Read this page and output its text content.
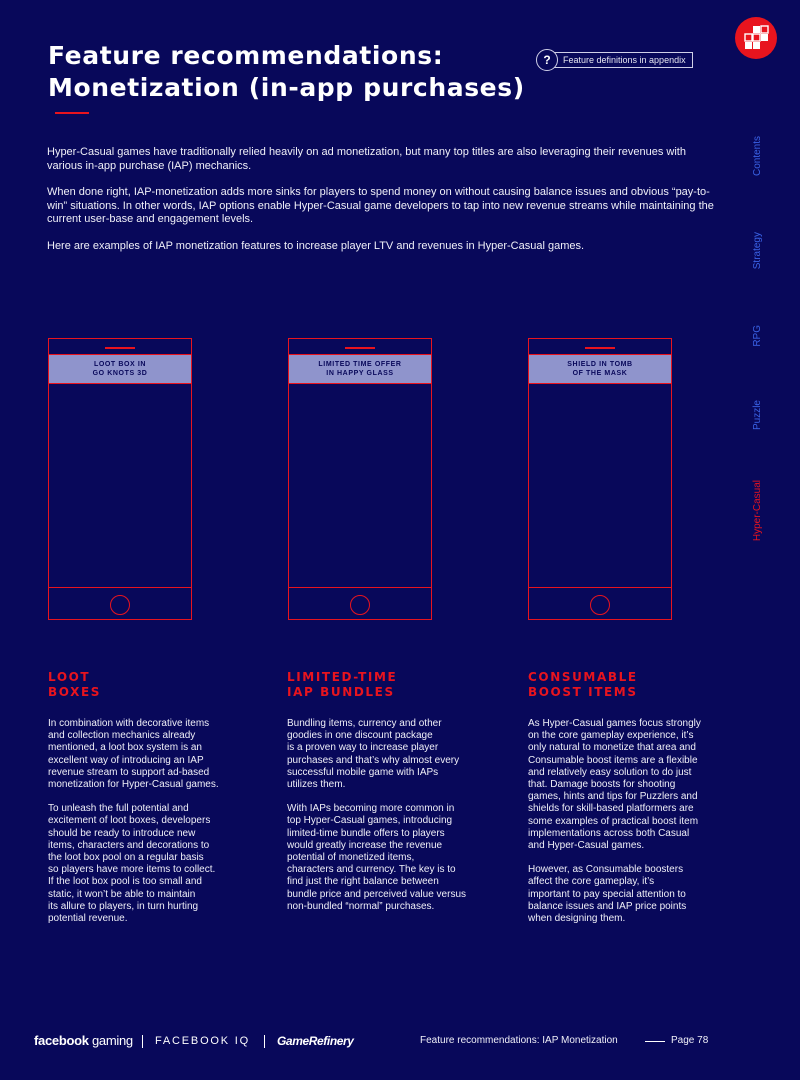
Feature recommendations:
Monetization (in-app purchases)
?	Feature definitions in appendix
Contents
Strategy
RPG
Puzzle
Hyper-Casual

Hyper-Casual games have traditionally relied heavily on ad monetization, but many top titles are also leveraging their revenues with various in-app purchase (IAP) mechanics.

When done right, IAP-monetization adds more sinks for players to spend money on without causing balance issues and obvious “pay-to-win” situations. In other words, IAP options enable Hyper-Casual game developers to tap into new revenue streams while maintaining the current user-base and engagement levels.

Here are examples of IAP monetization features to increase player LTV and revenues in Hyper-Casual games.

LOOT BOX IN
GO KNOTS 3D
LIMITED TIME OFFER
IN HAPPY GLASS
SHIELD IN TOMB
OF THE MASK
LOOT
BOXES
LIMITED-TIME
IAP BUNDLES
CONSUMABLE
BOOST ITEMS

In combination with decorative items
and collection mechanics already
mentioned, a loot box system is an
excellent way of introducing an IAP
revenue stream to support ad-based
monetization for Hyper-Casual games.

To unleash the full potential and
excitement of loot boxes, developers
should be ready to introduce new
items, characters and decorations to
the loot box pool on a regular basis
so players have more items to collect.
If the loot box pool is too small and
static, it won’t be able to maintain
its allure to players, in turn hurting
potential revenue.

Bundling items, currency and other
goodies in one discount package
is a proven way to increase player
purchases and that’s why almost every
successful mobile game with IAPs
utilizes them.

With IAPs becoming more common in
top Hyper-Casual games, introducing
limited-time bundle offers to players
would greatly increase the revenue
potential of monetized items,
characters and currency. The key is to
find just the right balance between
bundle price and perceived value versus
non-bundled “normal” purchases.

As Hyper-Casual games focus strongly
on the core gameplay experience, it’s
only natural to monetize that area and
Consumable boost items are a flexible
and relatively easy solution to do just
that. Damage boosts for shooting
games, hints and tips for Puzzlers and
shields for skill-based platformers are
some examples of practical boost item
implementations across both Casual
and Hyper-Casual games.

However, as Consumable boosters
affect the core gameplay, it’s
important to pay special attention to
balance issues and IAP price points
when designing them.

facebook gaming FACEBOOK IQ GameRefinery	Feature recommendations: IAP Monetization	Page 78
